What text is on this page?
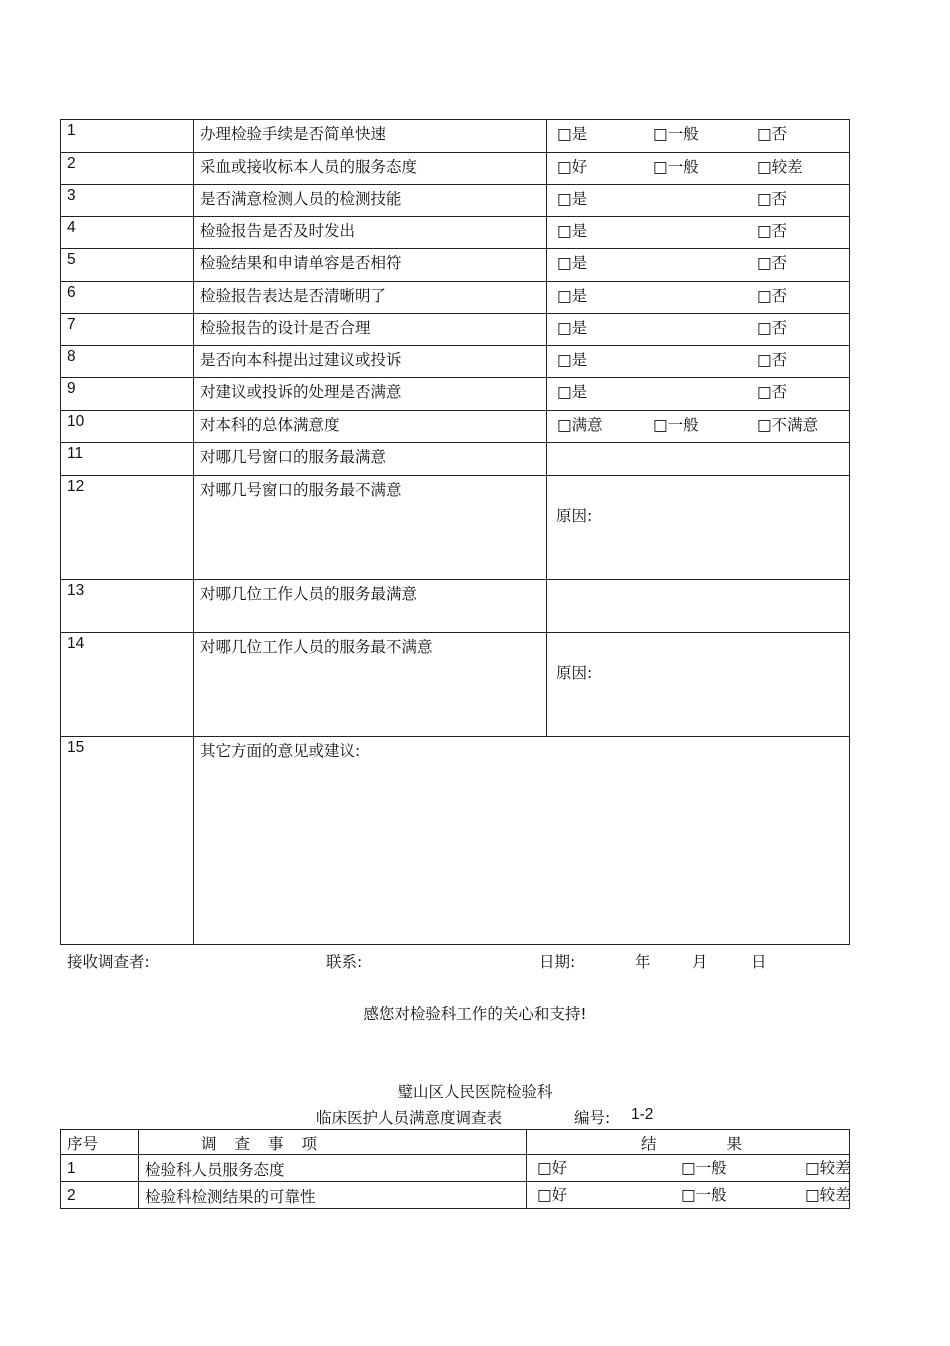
1	办理检验手续是否简单快速	□是 □一般 □否

2	采血或接收标本人员的服务态度	□好 □一般 □较差

3	是否满意检测人员的检测技能	□是 □否

4	检验报告是否及时发出	□是 □否

5	检验结果和申请单容是否相符	□是 □否

6	检验报告表达是否清晰明了	□是 □否

7	检验报告的设计是否合理	□是 □否

8	是否向本科提出过建议或投诉	□是 □否

9	对建议或投诉的处理是否满意	□是 □否

10	对本科的总体满意度	□满意 □一般 □不满意

11	对哪几号窗口的服务最满意	
12	对哪几号窗口的服务最不满意	原因:

13	对哪几位工作人员的服务最满意	
14	对哪几位工作人员的服务最不满意	原因:

15	其它方面的意见或建议:	
接收调查者:	联系:	日期:	年	月	日
感您对检验科工作的关心和支持!
璧山区人民医院检验科
临床医护人员满意度调查表	编号: 1-2
序号	调查事项	结果
1	检验科人员服务态度	□好 □一般 □较差

2	检验科检测结果的可靠性	□好 □一般 □较差
